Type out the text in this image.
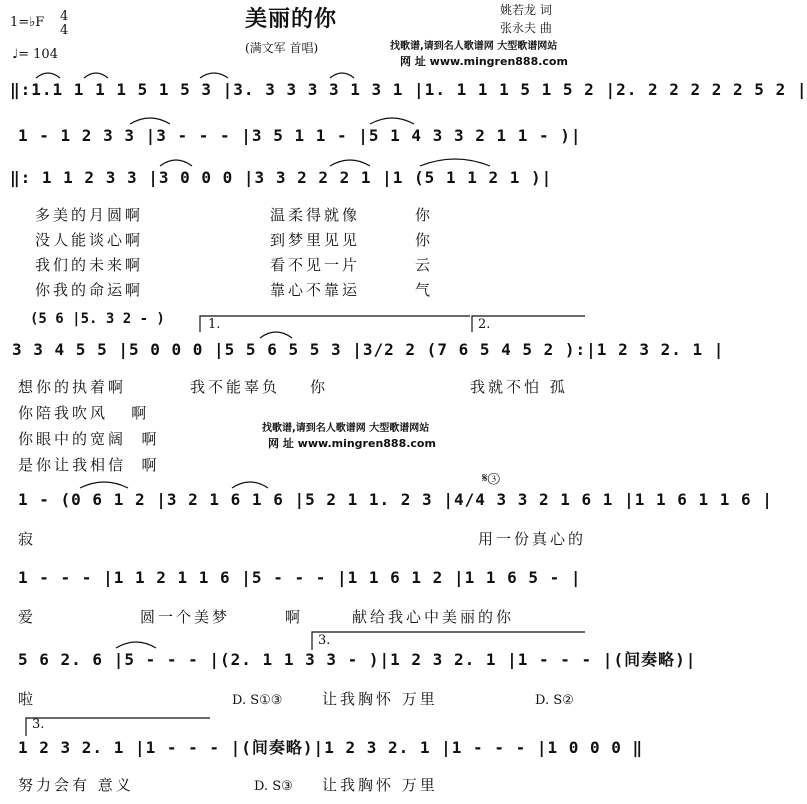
1=♭F 4
4
♩= 104
美丽的你
(满文军 首唱)
姚若龙 词
张永夫 曲
找歌谱,请到名人歌谱网 大型歌谱网站
网 址 www.mingren888.com
‖:1.1 1 1 1 5 1 5 3 |3. 3 3 3 3 1 3 1 |1. 1 1 1 5 1 5 2 |2. 2 2 2 2 2 5 2 |
1 - 1 2 3 3 |3 - - - |3 5 1 1 - |5 1 4 3 3 2 1 1 - )|
‖: 1 1 2 3 3 |3 0 0 0 |3 3 2 2 2 1 |1 (5 1 1 2 1 )|
多美的月圆啊	温柔得就像	你
没人能谈心啊	到梦里见见	你
我们的未来啊	看不见一片	云
你我的命运啊	靠心不靠运	气
(5 6 |5. 3 2 - )	1.	2.
3 3 4 5 5 |5 0 0 0 |5 5 6 5 5 3 |3/2 2 (7 6 5 4 5 2 ):|1 2 3 2. 1 |
想你的执着啊	我不能辜负 你	我就不怕 孤
你陪我吹风   啊
你眼中的宽阔  啊
是你让我相信  啊
找歌谱,请到名人歌谱网 大型歌谱网站
网 址 www.mingren888.com
𝄋③
1 - (0 6 1 2 |3 2 1 6 1 6 |5 2 1 1. 2 3 |4/4 3 3 2 1 6 1 |1 1 6 1 1 6 |
寂	用一份真心的
1 - - - |1 1 2 1 1 6 |5 - - - |1 1 6 1 2 |1 1 6 5 - |
爱	圆一个美梦	啊	献给我心中美丽的你
3.
5 6 2. 6 |5 - - - |(2. 1 1 3 3 - )|1 2 3 2. 1 |1 - - - |(间奏略)|
啦	D. S①③	让我胸怀 万里	D. S②
3.
1 2 3 2. 1 |1 - - - |(间奏略)|1 2 3 2. 1 |1 - - - |1 0 0 0 ‖
努力会有 意义	D. S③ 让我胸怀 万里
